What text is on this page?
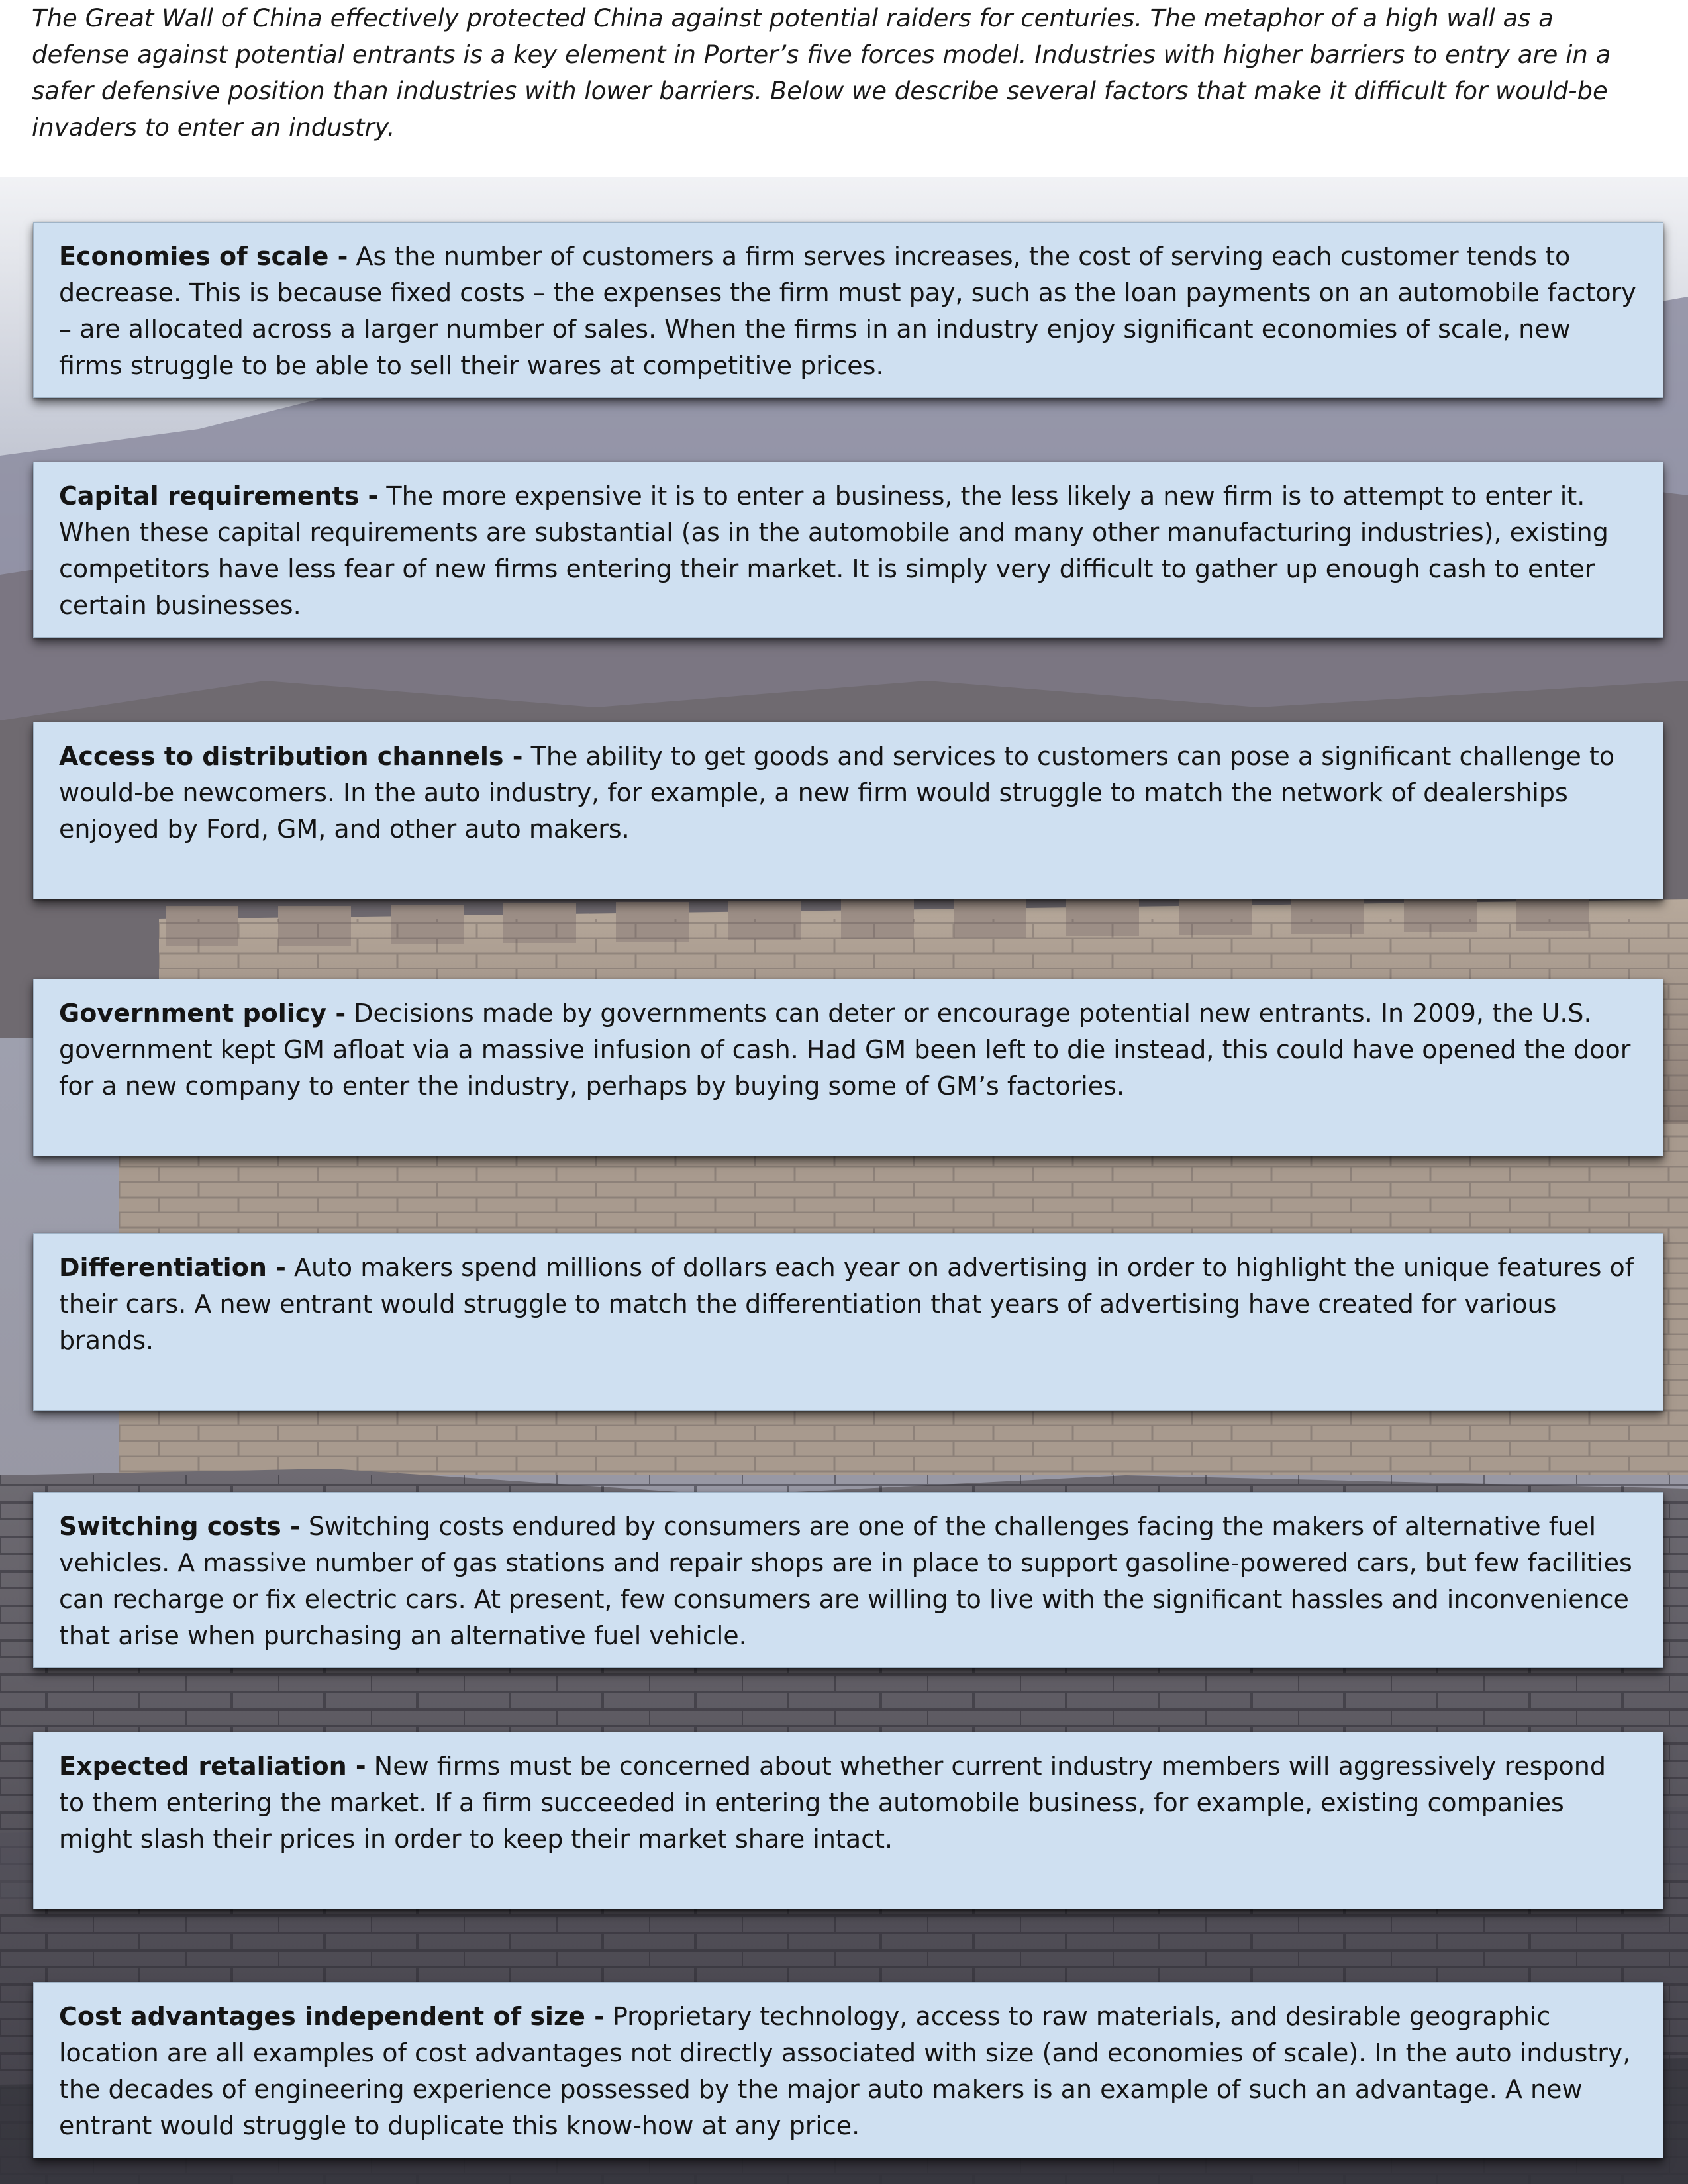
The Great Wall of China effectively protected China against potential raiders for centuries. The metaphor of a high wall as a defense against potential entrants is a key element in Porter’s five forces model. Industries with higher barriers to entry are in a safer defensive position than industries with lower barriers. Below we describe several factors that make it difficult for would-be invaders to enter an industry.

Economies of scale - As the number of customers a firm serves increases, the cost of serving each customer tends to decrease. This is because fixed costs – the expenses the firm must pay, such as the loan payments on an automobile factory – are allocated across a larger number of sales. When the firms in an industry enjoy significant economies of scale, new firms struggle to be able to sell their wares at competitive prices.
Capital requirements - The more expensive it is to enter a business, the less likely a new firm is to attempt to enter it. When these capital requirements are substantial (as in the automobile and many other manufacturing industries), existing competitors have less fear of new firms entering their market. It is simply very difficult to gather up enough cash to enter certain businesses.
Access to distribution channels - The ability to get goods and services to customers can pose a significant challenge to would-be newcomers. In the auto industry, for example, a new firm would struggle to match the network of dealerships enjoyed by Ford, GM, and other auto makers.
Government policy - Decisions made by governments can deter or encourage potential new entrants. In 2009, the U.S. government kept GM afloat via a massive infusion of cash. Had GM been left to die instead, this could have opened the door for a new company to enter the industry, perhaps by buying some of GM’s factories.
Differentiation - Auto makers spend millions of dollars each year on advertising in order to highlight the unique features of their cars. A new entrant would struggle to match the differentiation that years of advertising have created for various brands.
Switching costs - Switching costs endured by consumers are one of the challenges facing the makers of alternative fuel vehicles. A massive number of gas stations and repair shops are in place to support gasoline-powered cars, but few facilities can recharge or fix electric cars. At present, few consumers are willing to live with the significant hassles and inconvenience that arise when purchasing an alternative fuel vehicle.
Expected retaliation - New firms must be concerned about whether current industry members will aggressively respond to them entering the market. If a firm succeeded in entering the automobile business, for example, existing companies might slash their prices in order to keep their market share intact.
Cost advantages independent of size - Proprietary technology, access to raw materials, and desirable geographic location are all examples of cost advantages not directly associated with size (and economies of scale). In the auto industry, the decades of engineering experience possessed by the major auto makers is an example of such an advantage. A new entrant would struggle to duplicate this know-how at any price.
